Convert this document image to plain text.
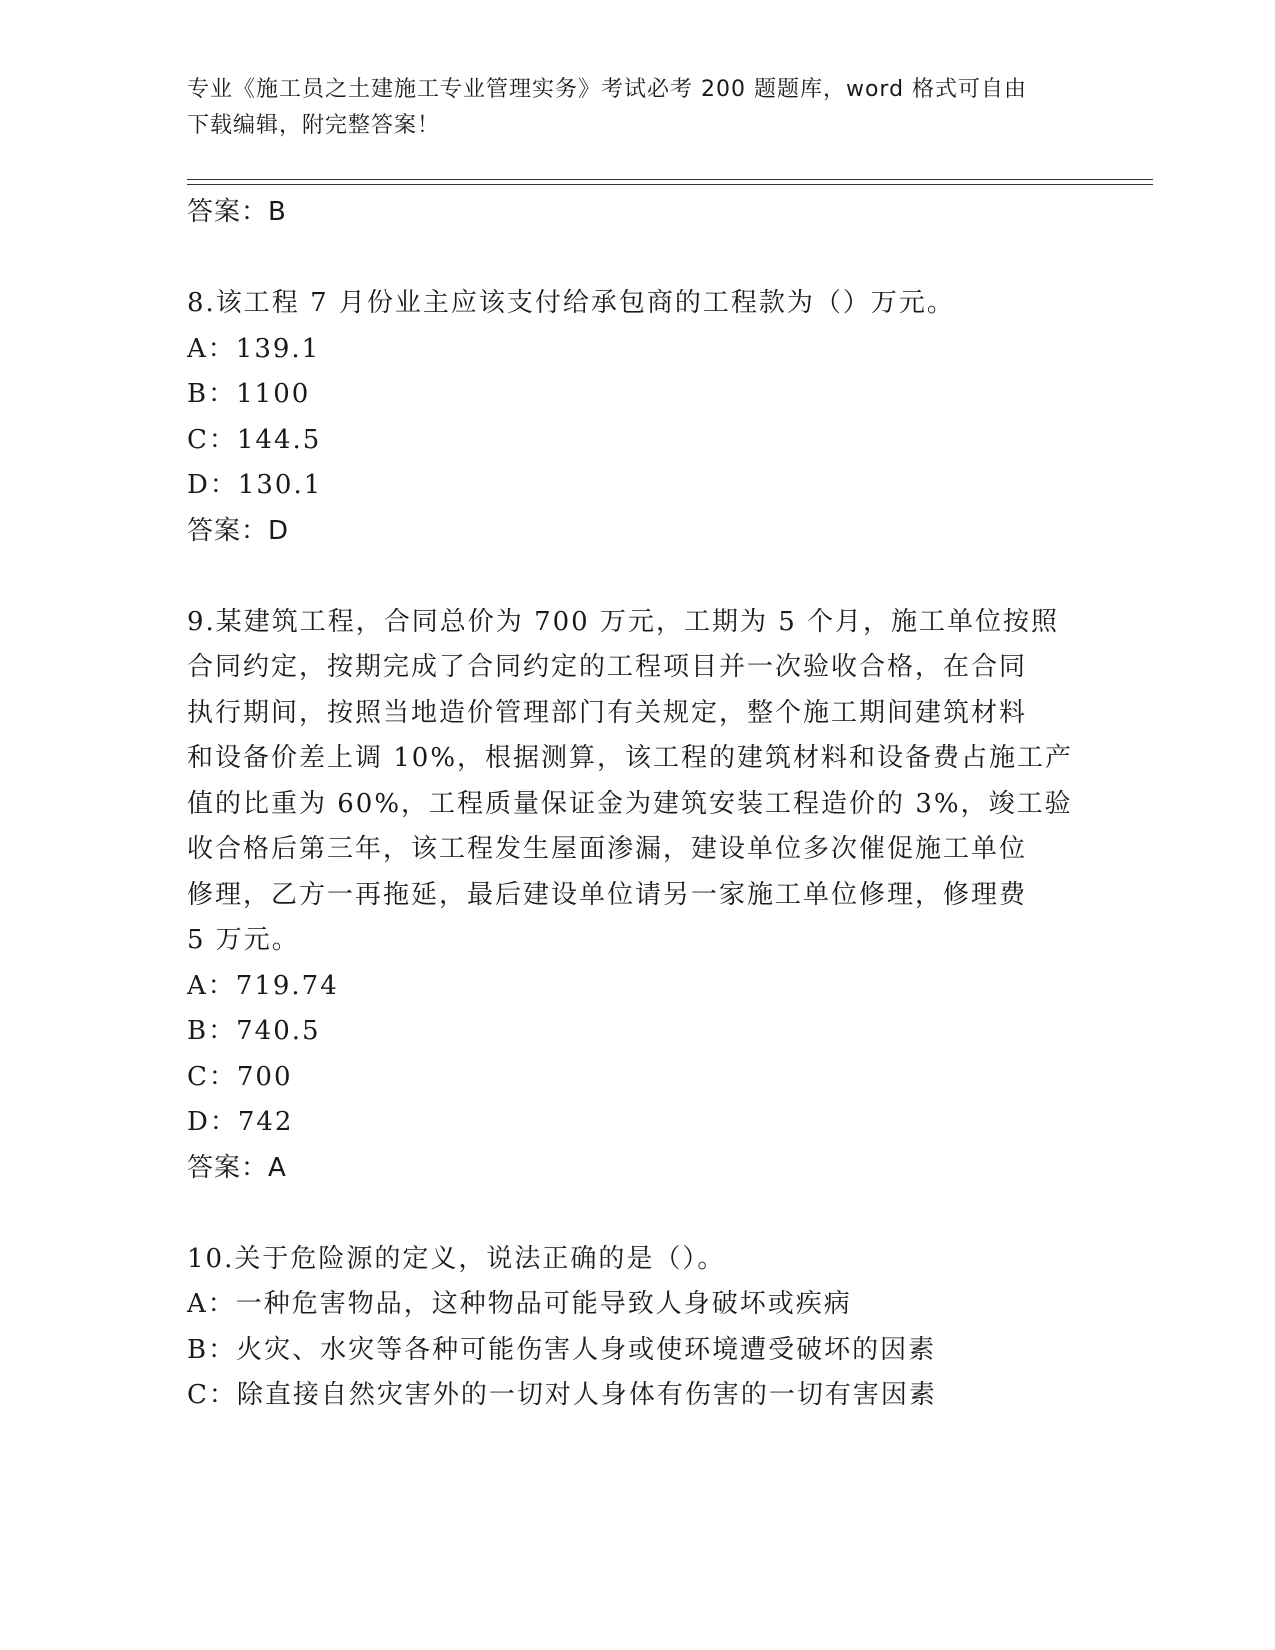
专业《施工员之土建施工专业管理实务》考试必考 200 题题库，word 格式可自由
下载编辑，附完整答案！
答案：B
8.该工程 7 月份业主应该支付给承包商的工程款为（）万元。
A：139.1
B：1100
C：144.5
D：130.1
答案：D
9.某建筑工程，合同总价为 700 万元，工期为 5 个月，施工单位按照
合同约定，按期完成了合同约定的工程项目并一次验收合格，在合同
执行期间，按照当地造价管理部门有关规定，整个施工期间建筑材料
和设备价差上调 10%，根据测算，该工程的建筑材料和设备费占施工产
值的比重为 60%，工程质量保证金为建筑安装工程造价的 3%，竣工验
收合格后第三年，该工程发生屋面渗漏，建设单位多次催促施工单位
修理，乙方一再拖延，最后建设单位请另一家施工单位修理，修理费
5 万元。
A：719.74
B：740.5
C：700
D：742
答案：A
10.关于危险源的定义，说法正确的是（）。
A：一种危害物品，这种物品可能导致人身破坏或疾病
B：火灾、水灾等各种可能伤害人身或使环境遭受破坏的因素
C：除直接自然灾害外的一切对人身体有伤害的一切有害因素
